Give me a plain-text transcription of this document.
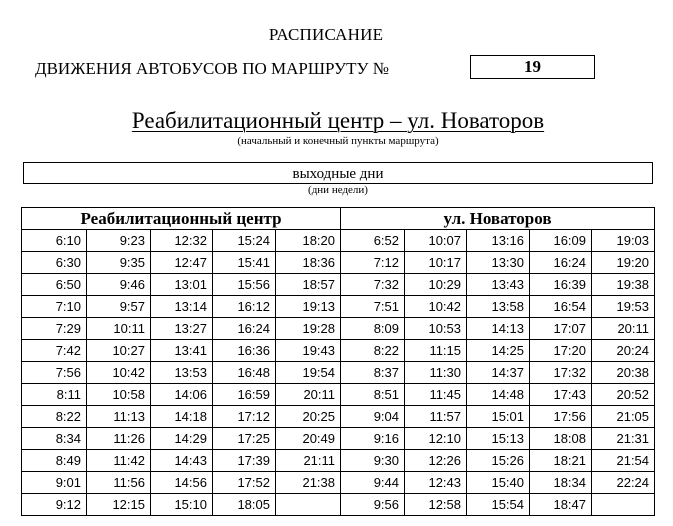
РАСПИСАНИЕ
ДВИЖЕНИЯ АВТОБУСОВ ПО МАРШРУТУ №	19
Реабилитационный центр – ул. Новаторов
(начальный и конечный пункты маршрута)
выходные дни
(дни недели)
Реабилитационный центр					ул. Новаторов				
6:10	9:23	12:32	15:24	18:20	6:52	10:07	13:16	16:09	19:03
6:30	9:35	12:47	15:41	18:36	7:12	10:17	13:30	16:24	19:20
6:50	9:46	13:01	15:56	18:57	7:32	10:29	13:43	16:39	19:38
7:10	9:57	13:14	16:12	19:13	7:51	10:42	13:58	16:54	19:53
7:29	10:11	13:27	16:24	19:28	8:09	10:53	14:13	17:07	20:11
7:42	10:27	13:41	16:36	19:43	8:22	11:15	14:25	17:20	20:24
7:56	10:42	13:53	16:48	19:54	8:37	11:30	14:37	17:32	20:38
8:11	10:58	14:06	16:59	20:11	8:51	11:45	14:48	17:43	20:52
8:22	11:13	14:18	17:12	20:25	9:04	11:57	15:01	17:56	21:05
8:34	11:26	14:29	17:25	20:49	9:16	12:10	15:13	18:08	21:31
8:49	11:42	14:43	17:39	21:11	9:30	12:26	15:26	18:21	21:54
9:01	11:56	14:56	17:52	21:38	9:44	12:43	15:40	18:34	22:24
9:12	12:15	15:10	18:05		9:56	12:58	15:54	18:47	
